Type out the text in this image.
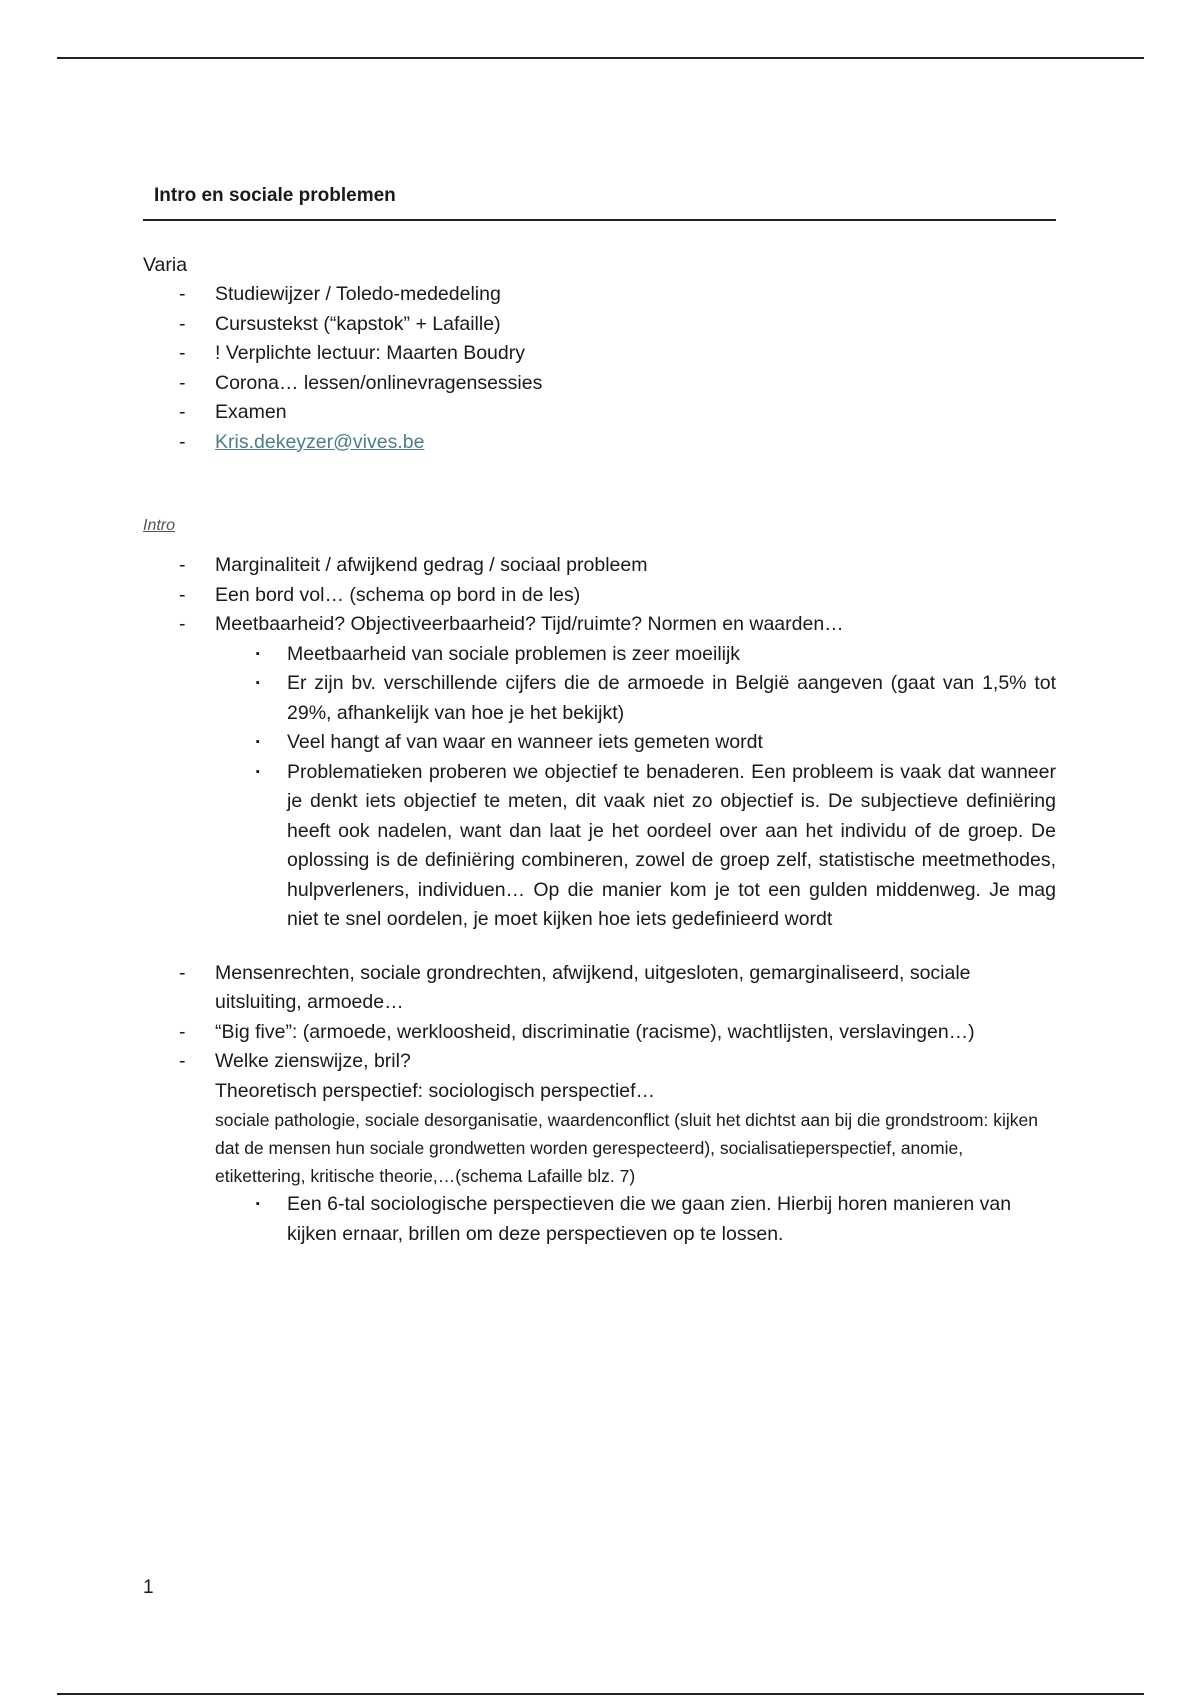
Intro en sociale problemen
Varia
- Studiewijzer / Toledo-mededeling
- Cursustekst (“kapstok” + Lafaille)
- ! Verplichte lectuur: Maarten Boudry
- Corona… lessen/onlinevragensessies
- Examen
- Kris.dekeyzer@vives.be
Intro
- Marginaliteit / afwijkend gedrag / sociaal probleem
- Een bord vol… (schema op bord in de les)
- Meetbaarheid? Objectiveerbaarheid? Tijd/ruimte? Normen en waarden…
· Meetbaarheid van sociale problemen is zeer moeilijk
· Er zijn bv. verschillende cijfers die de armoede in België aangeven (gaat van 1,5% tot 29%, afhankelijk van hoe je het bekijkt)
· Veel hangt af van waar en wanneer iets gemeten wordt
· Problematieken proberen we objectief te benaderen. Een probleem is vaak dat wanneer je denkt iets objectief te meten, dit vaak niet zo objectief is. De subjectieve definiëring heeft ook nadelen, want dan laat je het oordeel over aan het individu of de groep. De oplossing is de definiëring combineren, zowel de groep zelf, statistische meetmethodes, hulpverleners, individuen… Op die manier kom je tot een gulden middenweg. Je mag niet te snel oordelen, je moet kijken hoe iets gedefinieerd wordt
- Mensenrechten, sociale grondrechten, afwijkend, uitgesloten, gemarginaliseerd, sociale uitsluiting, armoede…
- “Big five”: (armoede, werkloosheid, discriminatie (racisme), wachtlijsten, verslavingen…)
- Welke zienswijze, bril?
Theoretisch perspectief: sociologisch perspectief…
sociale pathologie, sociale desorganisatie, waardenconflict (sluit het dichtst aan bij die grondstroom: kijken dat de mensen hun sociale grondwetten worden gerespecteerd), socialisatieperspectief, anomie, etikettering, kritische theorie,…(schema Lafaille blz. 7)
· Een 6-tal sociologische perspectieven die we gaan zien. Hierbij horen manieren van kijken ernaar, brillen om deze perspectieven op te lossen.
1
